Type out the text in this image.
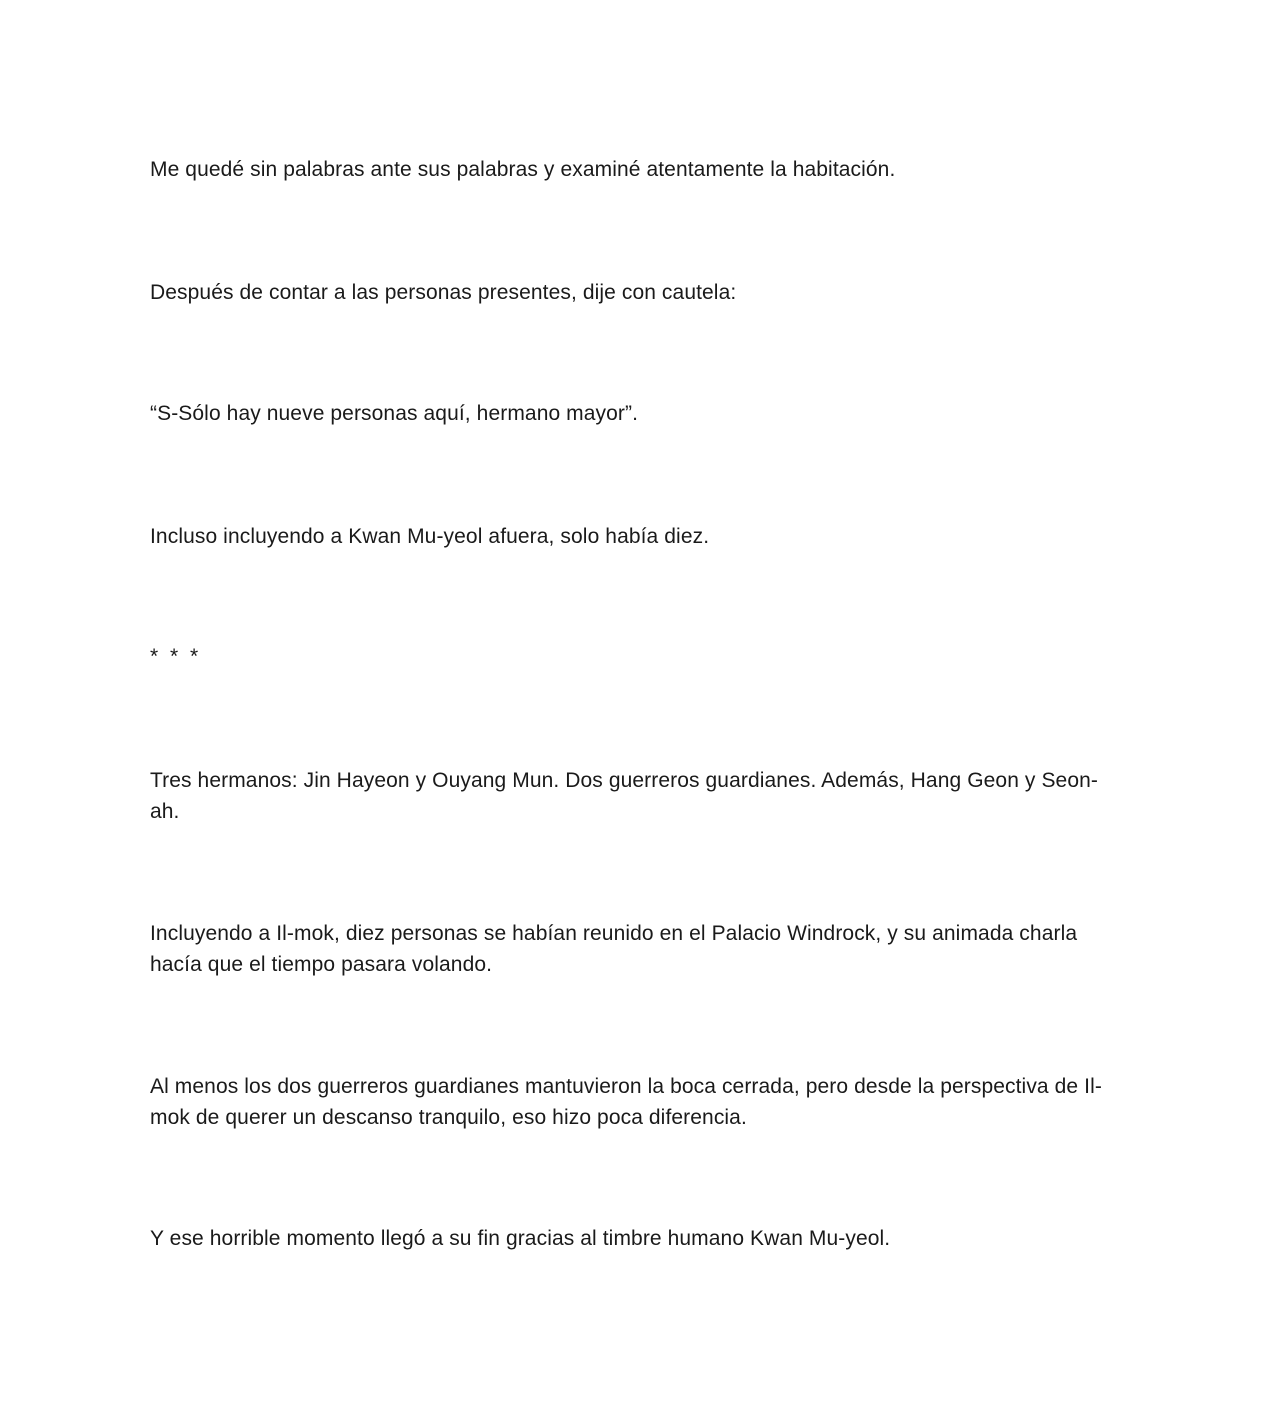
Me quedé sin palabras ante sus palabras y examiné atentamente la habitación.

Después de contar a las personas presentes, dije con cautela:

“S-Sólo hay nueve personas aquí, hermano mayor”.

Incluso incluyendo a Kwan Mu-yeol afuera, solo había diez.

* * *

Tres hermanos: Jin Hayeon y Ouyang Mun. Dos guerreros guardianes. Además, Hang Geon y Seon-ah.

Incluyendo a Il-mok, diez personas se habían reunido en el Palacio Windrock, y su animada charla hacía que el tiempo pasara volando.

Al menos los dos guerreros guardianes mantuvieron la boca cerrada, pero desde la perspectiva de Il-mok de querer un descanso tranquilo, eso hizo poca diferencia.

Y ese horrible momento llegó a su fin gracias al timbre humano Kwan Mu-yeol.
